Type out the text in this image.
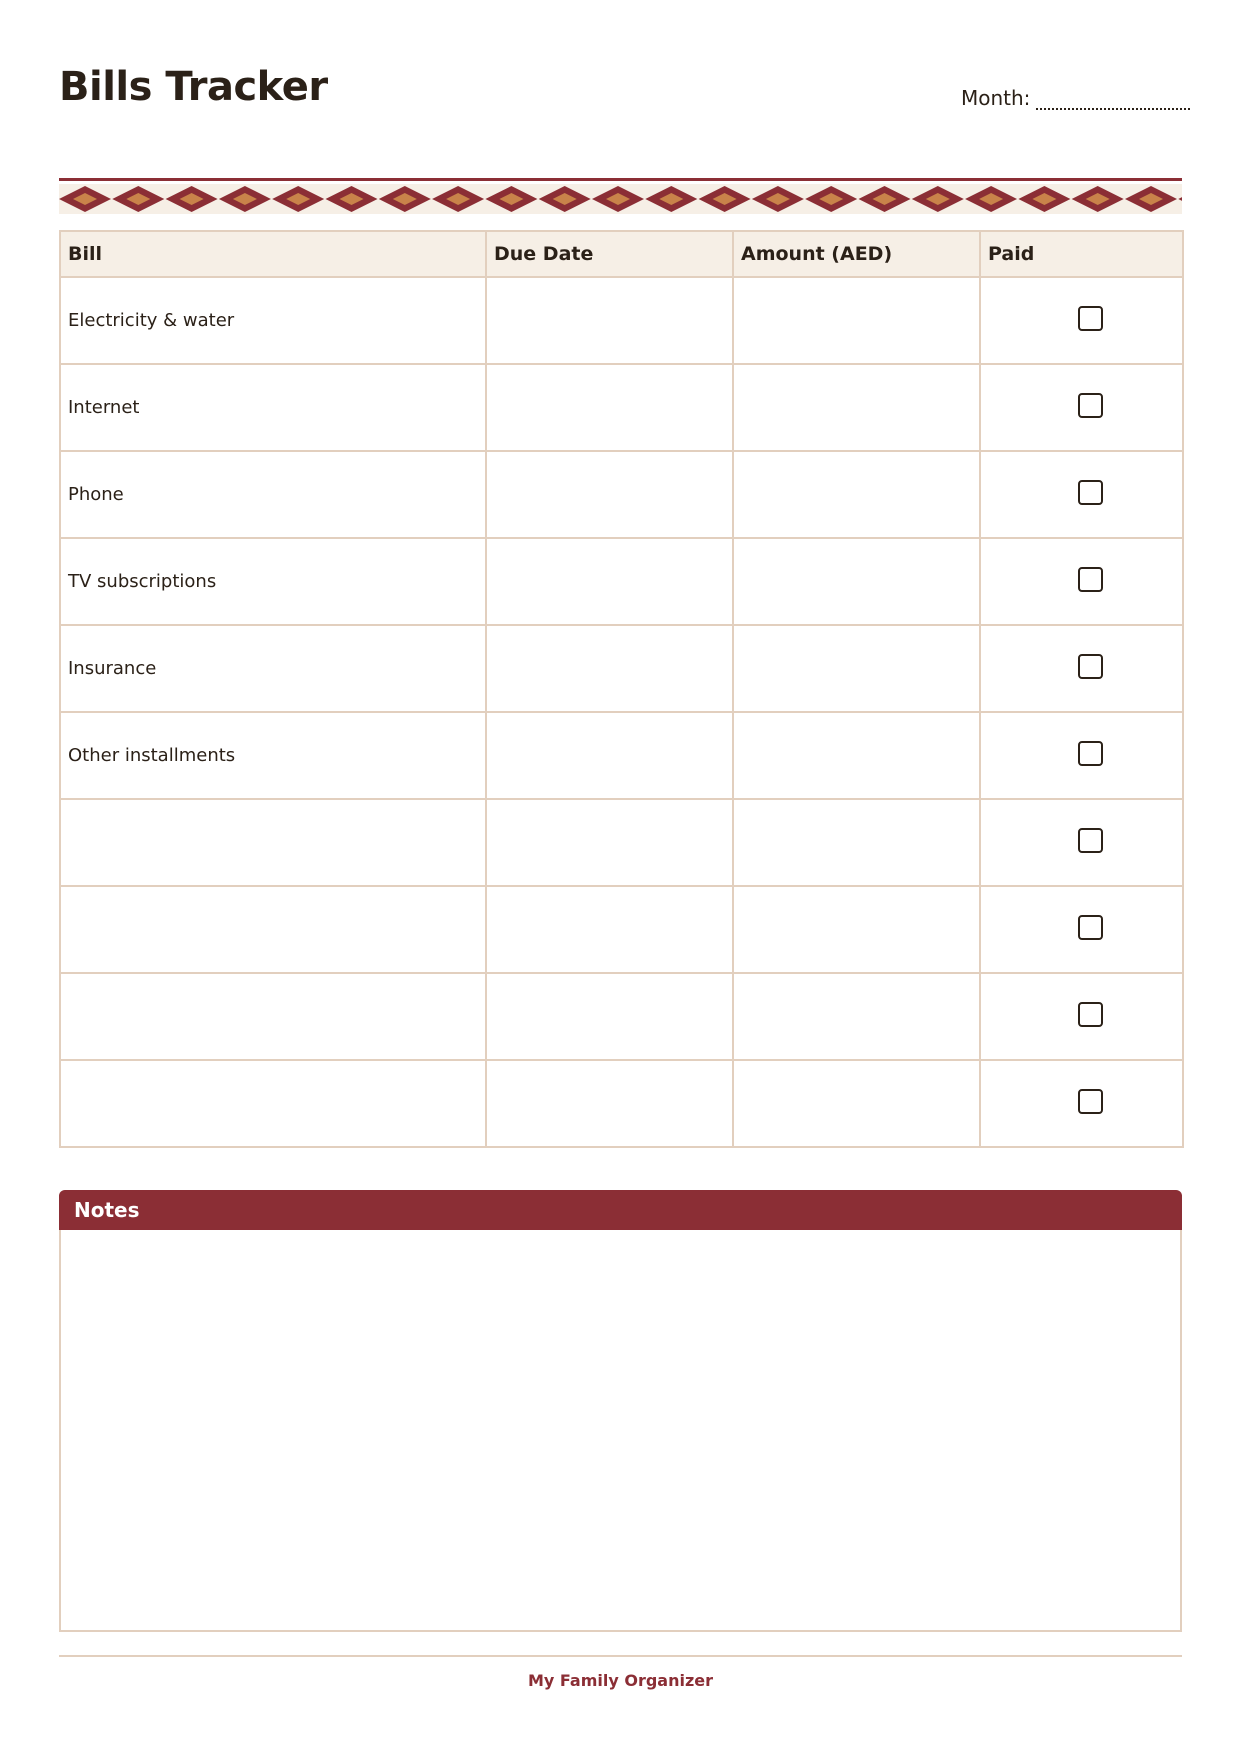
Bills Tracker	Month:
Bill	Due Date	Amount (AED)	Paid
Electricity & water			
Internet			
Phone			
TV subscriptions			
Insurance			
Other installments			

Notes
My Family Organizer
